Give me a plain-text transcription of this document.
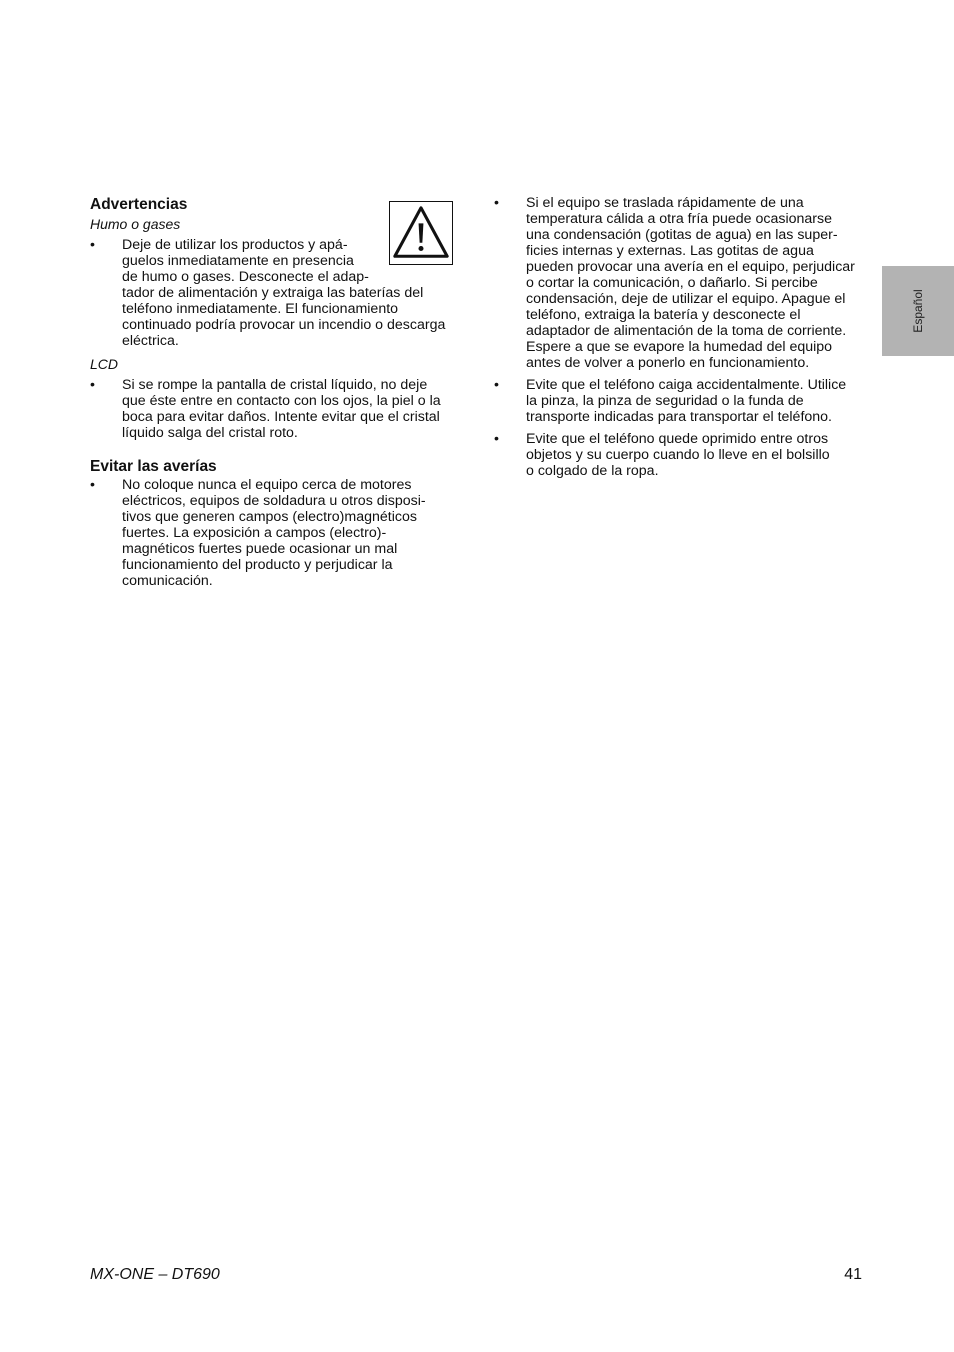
Advertencias

Humo o gases

• Deje de utilizar los productos y apá-
guelos inmediatamente en presencia
de humo o gases. Desconecte el adap-
tador de alimentación y extraiga las baterías del
teléfono inmediatamente. El funcionamiento
continuado podría provocar un incendio o descarga
eléctrica.

LCD

• Si se rompe la pantalla de cristal líquido, no deje
que éste entre en contacto con los ojos, la piel o la
boca para evitar daños. Intente evitar que el cristal
líquido salga del cristal roto.
Evitar las averías
• No coloque nunca el equipo cerca de motores
eléctricos, equipos de soldadura u otros disposi-
tivos que generen campos (electro)magnéticos
fuertes. La exposición a campos (electro)-
magnéticos fuertes puede ocasionar un mal
funcionamiento del producto y perjudicar la
comunicación.
• Si el equipo se traslada rápidamente de una
temperatura cálida a otra fría puede ocasionarse
una condensación (gotitas de agua) en las super-
ficies internas y externas. Las gotitas de agua
pueden provocar una avería en el equipo, perjudicar
o cortar la comunicación, o dañarlo. Si percibe
condensación, deje de utilizar el equipo. Apague el
teléfono, extraiga la batería y desconecte el
adaptador de alimentación de la toma de corriente.
Espere a que se evapore la humedad del equipo
antes de volver a ponerlo en funcionamiento.
• Evite que el teléfono caiga accidentalmente. Utilice
la pinza, la pinza de seguridad o la funda de
transporte indicadas para transportar el teléfono.
• Evite que el teléfono quede oprimido entre otros
objetos y su cuerpo cuando lo lleve en el bolsillo
o colgado de la ropa.
Español
MX-ONE – DT690	41
